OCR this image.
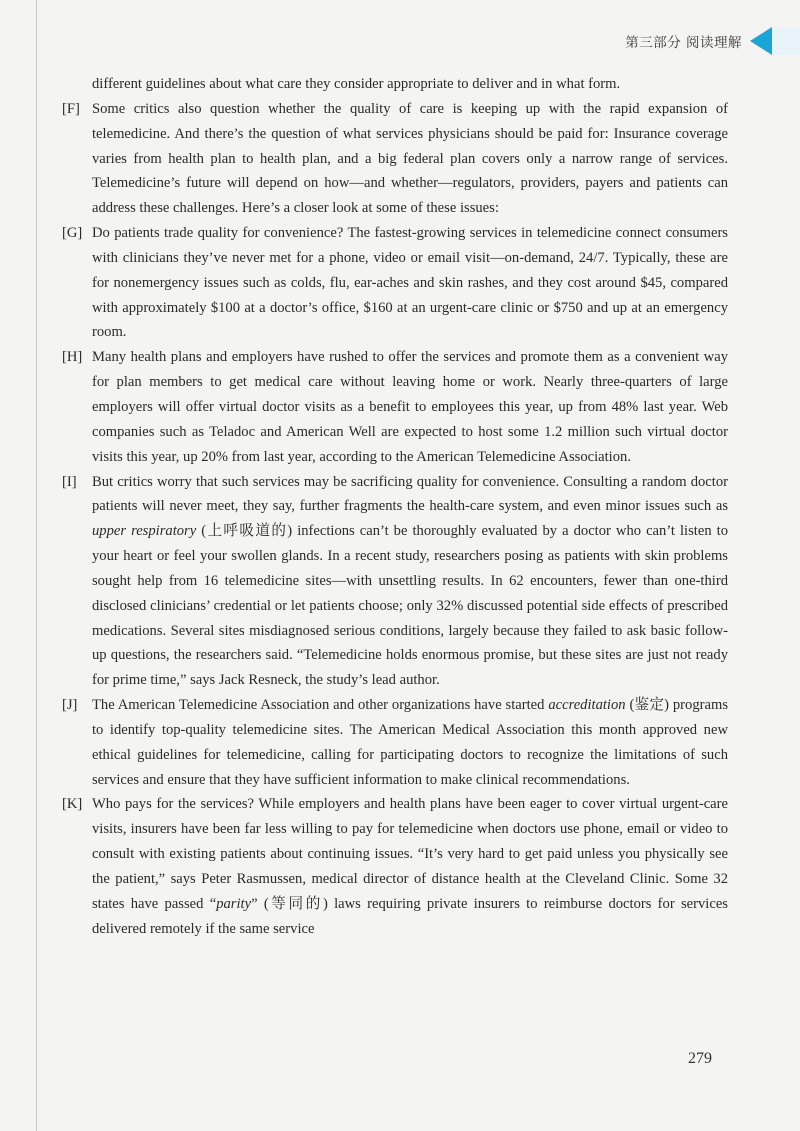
第三部分 阅读理解
different guidelines about what care they consider appropriate to deliver and in what form.
[F] Some critics also question whether the quality of care is keeping up with the rapid expansion of telemedicine. And there’s the question of what services physicians should be paid for: Insurance coverage varies from health plan to health plan, and a big federal plan covers only a narrow range of services. Telemedicine’s future will depend on how—and whether—regulators, providers, payers and patients can address these challenges. Here’s a closer look at some of these issues:
[G] Do patients trade quality for convenience? The fastest-growing services in telemedicine connect consumers with clinicians they’ve never met for a phone, video or email visit—on-demand, 24/7. Typically, these are for nonemergency issues such as colds, flu, ear-aches and skin rashes, and they cost around $45, compared with approximately $100 at a doctor’s office, $160 at an urgent-care clinic or $750 and up at an emergency room.
[H] Many health plans and employers have rushed to offer the services and promote them as a convenient way for plan members to get medical care without leaving home or work. Nearly three-quarters of large employers will offer virtual doctor visits as a benefit to employees this year, up from 48% last year. Web companies such as Teladoc and American Well are expected to host some 1.2 million such virtual doctor visits this year, up 20% from last year, according to the American Telemedicine Association.
[I] But critics worry that such services may be sacrificing quality for convenience. Consulting a random doctor patients will never meet, they say, further fragments the health-care system, and even minor issues such as upper respiratory (上呼吸道的) infections can’t be thoroughly evaluated by a doctor who can’t listen to your heart or feel your swollen glands. In a recent study, researchers posing as patients with skin problems sought help from 16 telemedicine sites—with unsettling results. In 62 encounters, fewer than one-third disclosed clinicians’ credential or let patients choose; only 32% discussed potential side effects of prescribed medications. Several sites misdiagnosed serious conditions, largely because they failed to ask basic follow-up questions, the researchers said. “Telemedicine holds enormous promise, but these sites are just not ready for prime time,” says Jack Resneck, the study’s lead author.
[J] The American Telemedicine Association and other organizations have started accreditation (鉴定) programs to identify top-quality telemedicine sites. The American Medical Association this month approved new ethical guidelines for telemedicine, calling for participating doctors to recognize the limitations of such services and ensure that they have sufficient information to make clinical recommendations.
[K] Who pays for the services? While employers and health plans have been eager to cover virtual urgent-care visits, insurers have been far less willing to pay for telemedicine when doctors use phone, email or video to consult with existing patients about continuing issues. “It’s very hard to get paid unless you physically see the patient,” says Peter Rasmussen, medical director of distance health at the Cleveland Clinic. Some 32 states have passed “parity” (等同的) laws requiring private insurers to reimburse doctors for services delivered remotely if the same service
279
